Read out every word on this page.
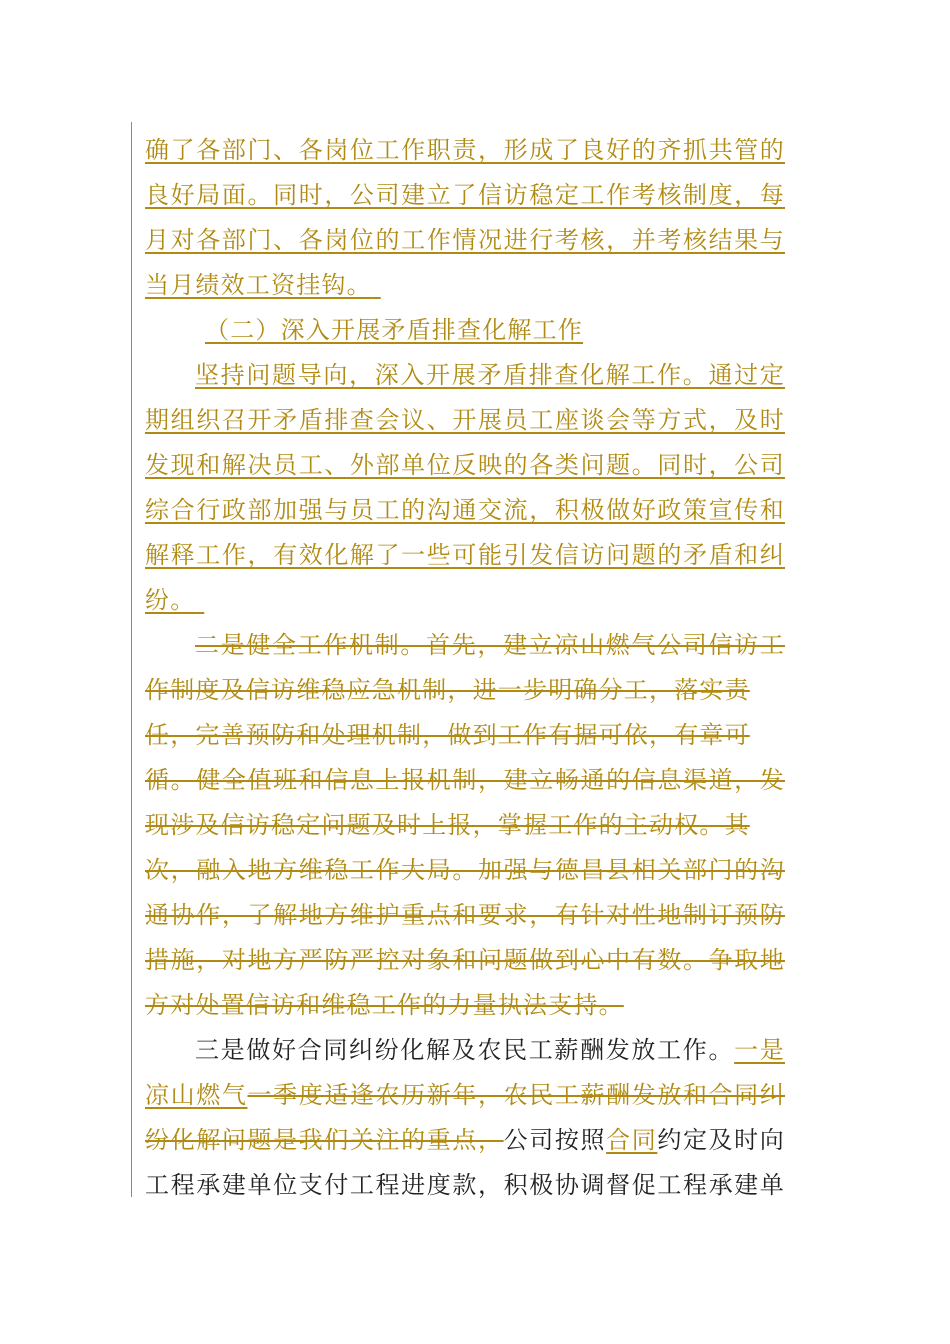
确了各部门、各岗位工作职责，形成了良好的齐抓共管的
良好局面。同时，公司建立了信访稳定工作考核制度，每
月对各部门、各岗位的工作情况进行考核，并考核结果与
当月绩效工资挂钩。
（二）深入开展矛盾排查化解工作
坚持问题导向，深入开展矛盾排查化解工作。通过定
期组织召开矛盾排查会议、开展员工座谈会等方式，及时
发现和解决员工、外部单位反映的各类问题。同时，公司
综合行政部加强与员工的沟通交流，积极做好政策宣传和
解释工作，有效化解了一些可能引发信访问题的矛盾和纠
纷。
二是健全工作机制。首先，建立凉山燃气公司信访工
作制度及信访维稳应急机制，进一步明确分工，落实责
任，完善预防和处理机制，做到工作有据可依，有章可
循。健全值班和信息上报机制，建立畅通的信息渠道，发
现涉及信访稳定问题及时上报，掌握工作的主动权。其
次，融入地方维稳工作大局。加强与德昌县相关部门的沟
通协作，了解地方维护重点和要求，有针对性地制订预防
措施，对地方严防严控对象和问题做到心中有数。争取地
方对处置信访和维稳工作的力量执法支持。
三是做好合同纠纷化解及农民工薪酬发放工作。一是
凉山燃气一季度适逢农历新年，农民工薪酬发放和合同纠
纷化解问题是我们关注的重点，公司按照合同约定及时向
工程承建单位支付工程进度款，积极协调督促工程承建单
